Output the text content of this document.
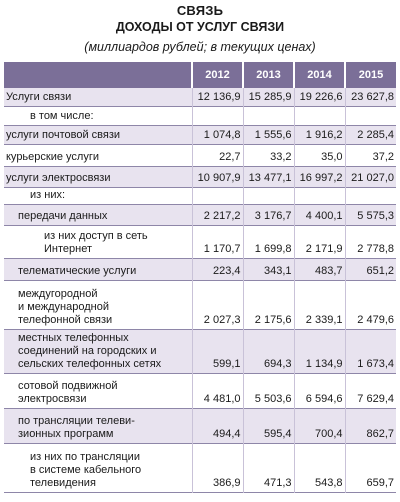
СВЯЗЬ
ДОХОДЫ ОТ УСЛУГ СВЯЗИ
(миллиардов рублей; в текущих ценах)
	2012	2013	2014	2015
Услуги связи	12 136,9	15 285,9	19 226,6	23 627,8
в том числе:				
услуги почтовой связи	1 074,8	1 555,6	1 916,2	2 285,4
курьерские услуги	22,7	33,2	35,0	37,2
услуги электросвязи	10 907,9	13 477,1	16 997,2	21 027,0
из них:				
передачи данных	2 217,2	3 176,7	4 400,1	5 575,3
из них доступ в сеть
Интернет	1 170,7	1 699,8	2 171,9	2 778,8
телематические услуги	223,4	343,1	483,7	651,2
междугородной
и международной
телефонной связи	2 027,3	2 175,6	2 339,1	2 479,6
местных телефонных
соединений на городских и
сельских телефонных сетях	599,1	694,3	1 134,9	1 673,4
сотовой подвижной
электросвязи	4 481,0	5 503,6	6 594,6	7 629,4
по трансляции телеви-
зионных программ	494,4	595,4	700,4	862,7
из них по трансляции
в системе кабельного
телевидения	386,9	471,3	543,8	659,7
